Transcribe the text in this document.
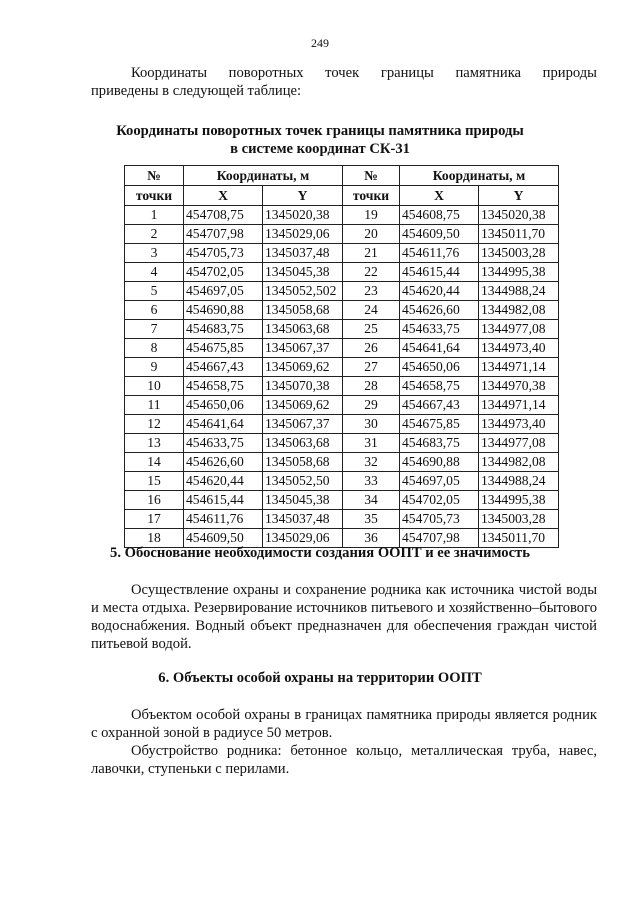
249

Координаты поворотных точек границы памятника природы

приведены в следующей таблице:

Координаты поворотных точек границы памятника природы

в системе координат СК-31

№	Координаты, м		№	Координаты, м	
точки	X	Y	точки	X	Y
1	454708,75	1345020,38	19	454608,75	1345020,38
2	454707,98	1345029,06	20	454609,50	1345011,70
3	454705,73	1345037,48	21	454611,76	1345003,28
4	454702,05	1345045,38	22	454615,44	1344995,38
5	454697,05	1345052,502	23	454620,44	1344988,24
6	454690,88	1345058,68	24	454626,60	1344982,08
7	454683,75	1345063,68	25	454633,75	1344977,08
8	454675,85	1345067,37	26	454641,64	1344973,40
9	454667,43	1345069,62	27	454650,06	1344971,14
10	454658,75	1345070,38	28	454658,75	1344970,38
11	454650,06	1345069,62	29	454667,43	1344971,14
12	454641,64	1345067,37	30	454675,85	1344973,40
13	454633,75	1345063,68	31	454683,75	1344977,08
14	454626,60	1345058,68	32	454690,88	1344982,08
15	454620,44	1345052,50	33	454697,05	1344988,24
16	454615,44	1345045,38	34	454702,05	1344995,38
17	454611,76	1345037,48	35	454705,73	1345003,28
18	454609,50	1345029,06	36	454707,98	1345011,70

5. Обоснование необходимости создания ООПТ и ее значимость

Осуществление охраны и сохранение родника как источника чистой воды и места отдыха. Резервирование источников питьевого и хозяйственно–бытового водоснабжения. Водный объект предназначен для обеспечения граждан чистой питьевой водой.

6. Объекты особой охраны на территории ООПТ

Объектом особой охраны в границах памятника природы является родник с охранной зоной в радиусе 50 метров.

Обустройство родника: бетонное кольцо, металлическая труба, навес, лавочки, ступеньки с перилами.
